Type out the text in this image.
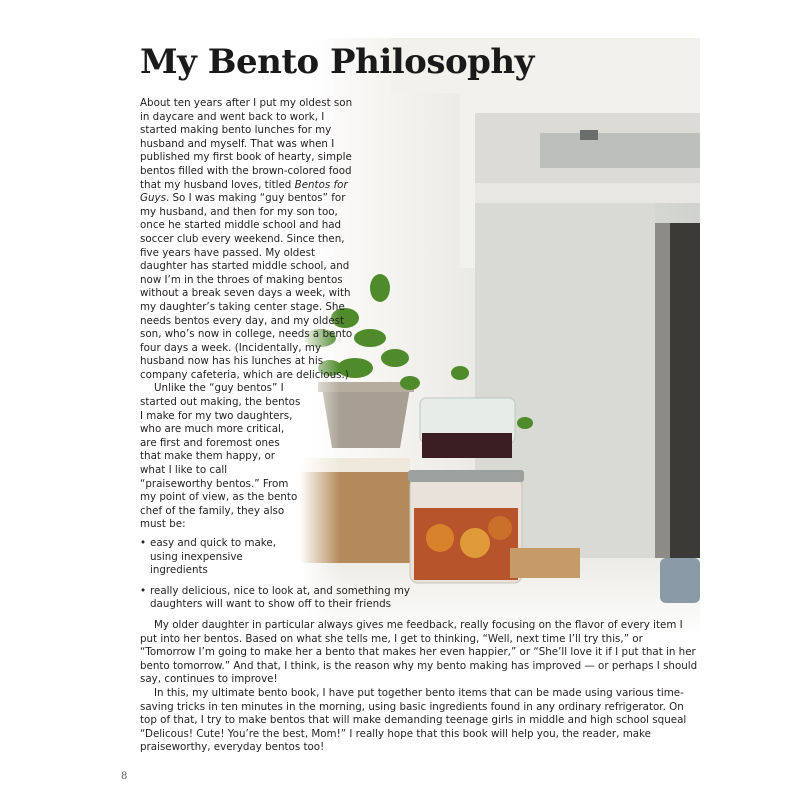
My Bento Philosophy

About ten years after I put my oldest son in daycare and went back to work, I started making bento lunches for my husband and myself. That was when I published my first book of hearty, simple bentos filled with the brown-colored food that my husband loves, titled Bentos for Guys. So I was making “guy bentos” for my husband, and then for my son too, once he started middle school and had soccer club every weekend. Since then, five years have passed. My oldest daughter has started middle school, and now I’m in the throes of making bentos without a break seven days a week, with my daughter’s taking center stage. She needs bentos every day, and my oldest son, who’s now in college, needs a bento four days a week. (Incidentally, my husband now has his lunches at his company cafeteria, which are delicious.)

Unlike the “guy bentos” I started out making, the bentos I make for my two daughters, who are much more critical, are first and foremost ones that make them happy, or what I like to call “praiseworthy bentos.” From my point of view, as the bento chef of the family, they also must be:

• easy and quick to make, using inexpensive ingredients
• really delicious, nice to look at, and something my daughters will want to show off to their friends

My older daughter in particular always gives me feedback, really focusing on the flavor of every item I put into her bentos. Based on what she tells me, I get to thinking, “Well, next time I’ll try this,” or “Tomorrow I’m going to make her a bento that makes her even happier,” or “She’ll love it if I put that in her bento tomorrow.” And that, I think, is the reason why my bento making has improved — or perhaps I should say, continues to improve!

In this, my ultimate bento book, I have put together bento items that can be made using various time-saving tricks in ten minutes in the morning, using basic ingredients found in any ordinary refrigerator. On top of that, I try to make bentos that will make demanding teenage girls in middle and high school squeal “Delicous! Cute! You’re the best, Mom!” I really hope that this book will help you, the reader, make praiseworthy, everyday bentos too!

8
